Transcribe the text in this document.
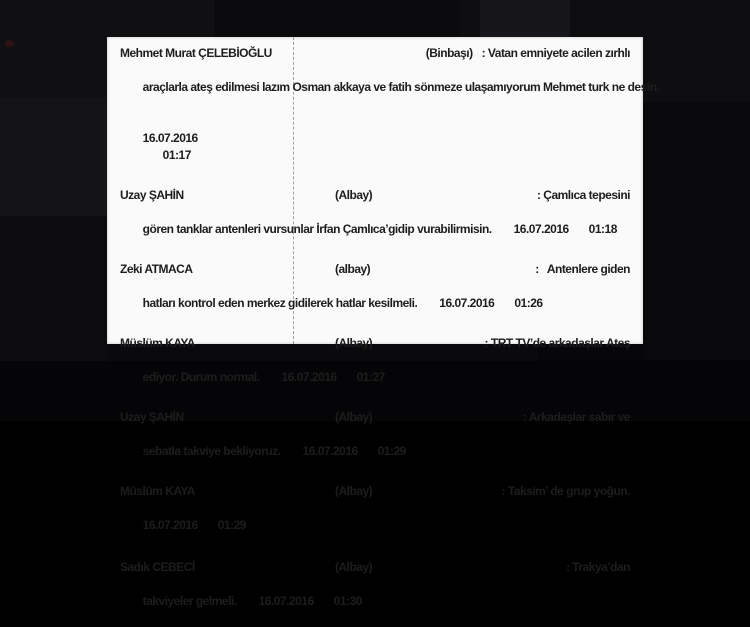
Mehmet Murat ÇELEBİOĞLU	(Binbaşı) : Vatan emniyete acilen zırhlı

araçlarla ateş edilmesi lazım Osman akkaya ve fatih sönmeze ulaşamıyorum Mehmet turk ne desin.

16.07.2016
01:17

Uzay ŞAHİN	(Albay)	: Çamlıca tepesini

gören tanklar antenleri vursunlar İrfan Çamlıca’gidip vurabilirmisin. 16.07.2016 01:18

Zeki ATMACA	(albay)	:   Antenlere giden

hatları kontrol eden merkez gidilerek hatlar kesilmeli. 16.07.2016 01:26

Müslüm KAYA	(Albay)	: TRT TV’de arkadaşlar Ateş

ediyor. Durum normal. 16.07.2016 01:27

Uzay ŞAHİN	(Albay)	: Arkadaşlar sabır ve

sebatla takviye bekliyoruz. 16.07.2016 01:29

Müslüm KAYA	(Albay)	: Taksim’ de grup yoğun.

16.07.2016 01:29

Sadık CEBECİ	(Albay)	: Trakya’dan

takviyeler gelmeli. 16.07.2016 01:30
